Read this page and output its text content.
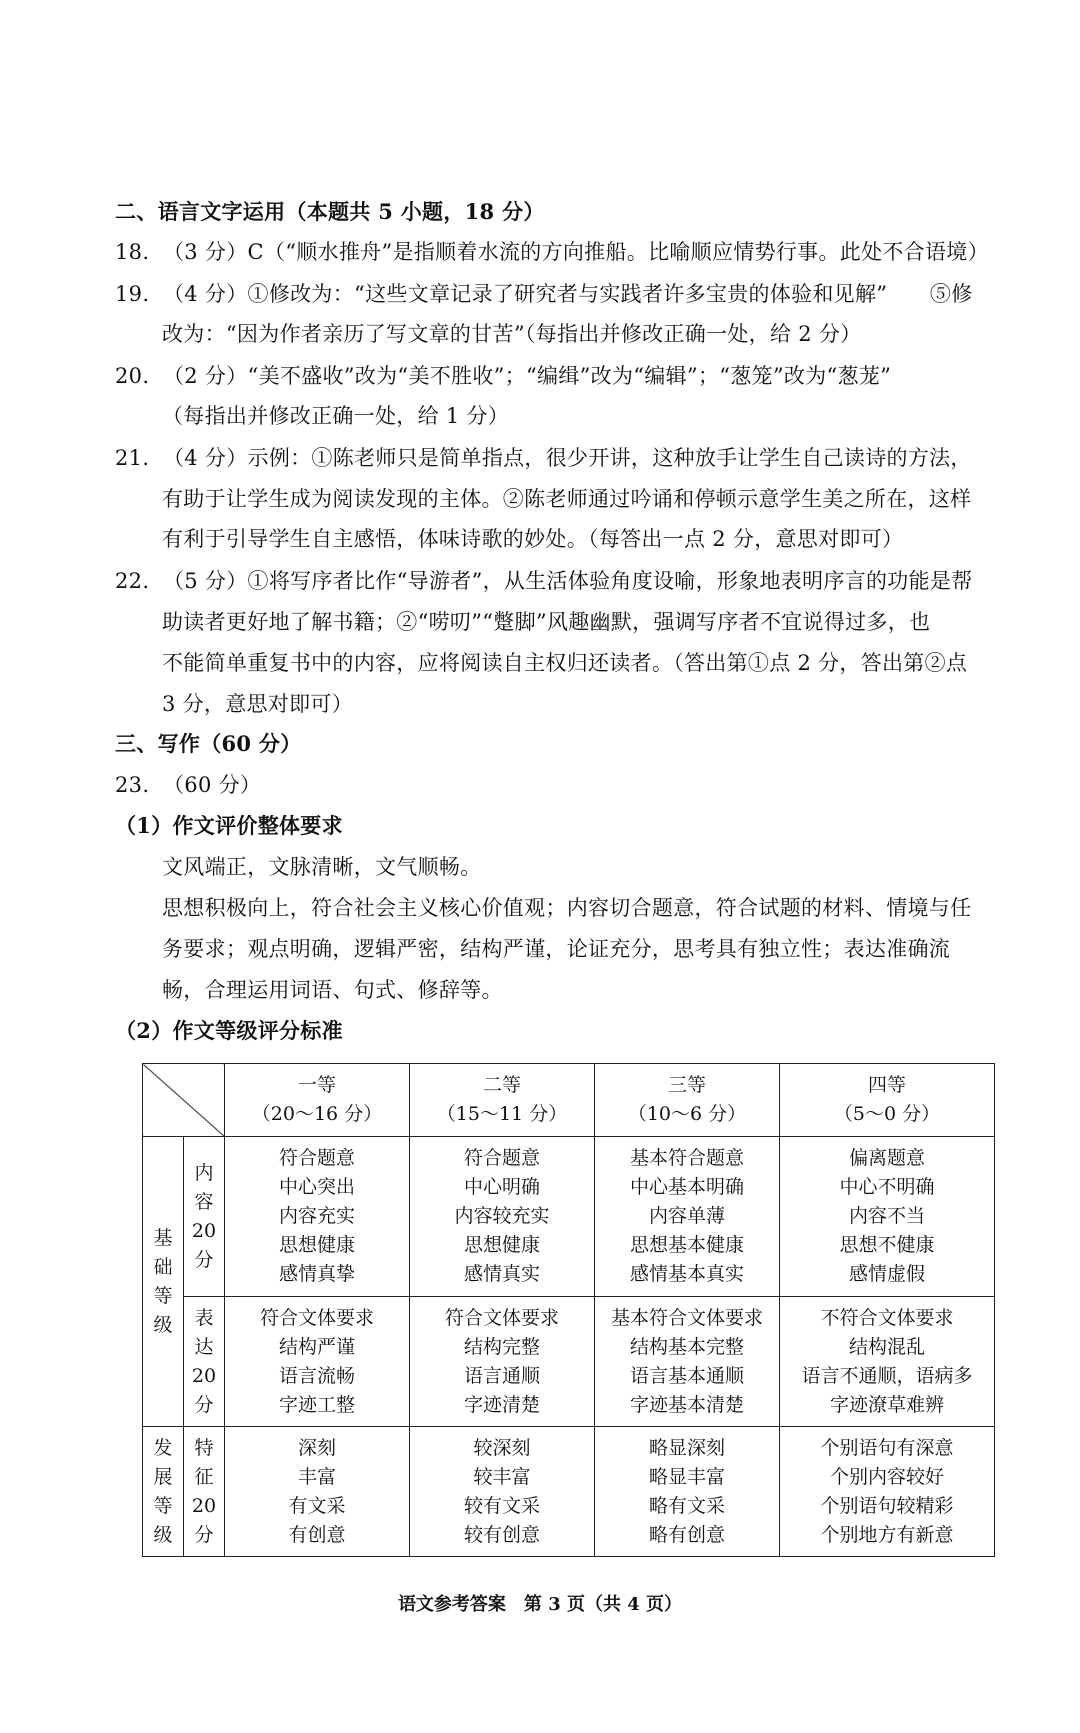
二、语言文字运用（本题共 5 小题，18 分）
18. （3 分）C（“顺水推舟”是指顺着水流的方向推船。比喻顺应情势行事。此处不合语境）
19. （4 分）①修改为：“这些文章记录了研究者与实践者许多宝贵的体验和见解”　　⑤修
改为：“因为作者亲历了写文章的甘苦”（每指出并修改正确一处，给 2 分）
20. （2 分）“美不盛收”改为“美不胜收”；“编缉”改为“编辑”；“葱笼”改为“葱茏”
（每指出并修改正确一处，给 1 分）
21. （4 分）示例：①陈老师只是简单指点，很少开讲，这种放手让学生自己读诗的方法，
有助于让学生成为阅读发现的主体。②陈老师通过吟诵和停顿示意学生美之所在，这样
有利于引导学生自主感悟，体味诗歌的妙处。（每答出一点 2 分，意思对即可）
22. （5 分）①将写序者比作“导游者”，从生活体验角度设喻，形象地表明序言的功能是帮
助读者更好地了解书籍；②“唠叨”“蹩脚”风趣幽默，强调写序者不宜说得过多，也
不能简单重复书中的内容，应将阅读自主权归还读者。（答出第①点 2 分，答出第②点
3 分，意思对即可）
三、写作（60 分）
23. （60 分）
（1）作文评价整体要求
文风端正，文脉清晰，文气顺畅。
思想积极向上，符合社会主义核心价值观；内容切合题意，符合试题的材料、情境与任
务要求；观点明确，逻辑严密，结构严谨，论证充分，思考具有独立性；表达准确流
畅，合理运用词语、句式、修辞等。
（2）作文等级评分标准

		一等
（20～16 分）	二等
（15～11 分）	三等
（10～6 分）	四等
（5～0 分）

基
础
等
级	内
容
20
分	符合题意
中心突出
内容充实
思想健康
感情真挚	符合题意
中心明确
内容较充实
思想健康
感情真实	基本符合题意
中心基本明确
内容单薄
思想基本健康
感情基本真实	偏离题意
中心不明确
内容不当
思想不健康
感情虚假

	表
达
20
分	符合文体要求
结构严谨
语言流畅
字迹工整	符合文体要求
结构完整
语言通顺
字迹清楚	基本符合文体要求
结构基本完整
语言基本通顺
字迹基本清楚	不符合文体要求
结构混乱
语言不通顺，语病多
字迹潦草难辨

发
展
等
级	特
征
20
分	深刻
丰富
有文采
有创意	较深刻
较丰富
较有文采
较有创意	略显深刻
略显丰富
略有文采
略有创意	个别语句有深意
个别内容较好
个别语句较精彩
个别地方有新意
语文参考答案　第 3 页（共 4 页）
